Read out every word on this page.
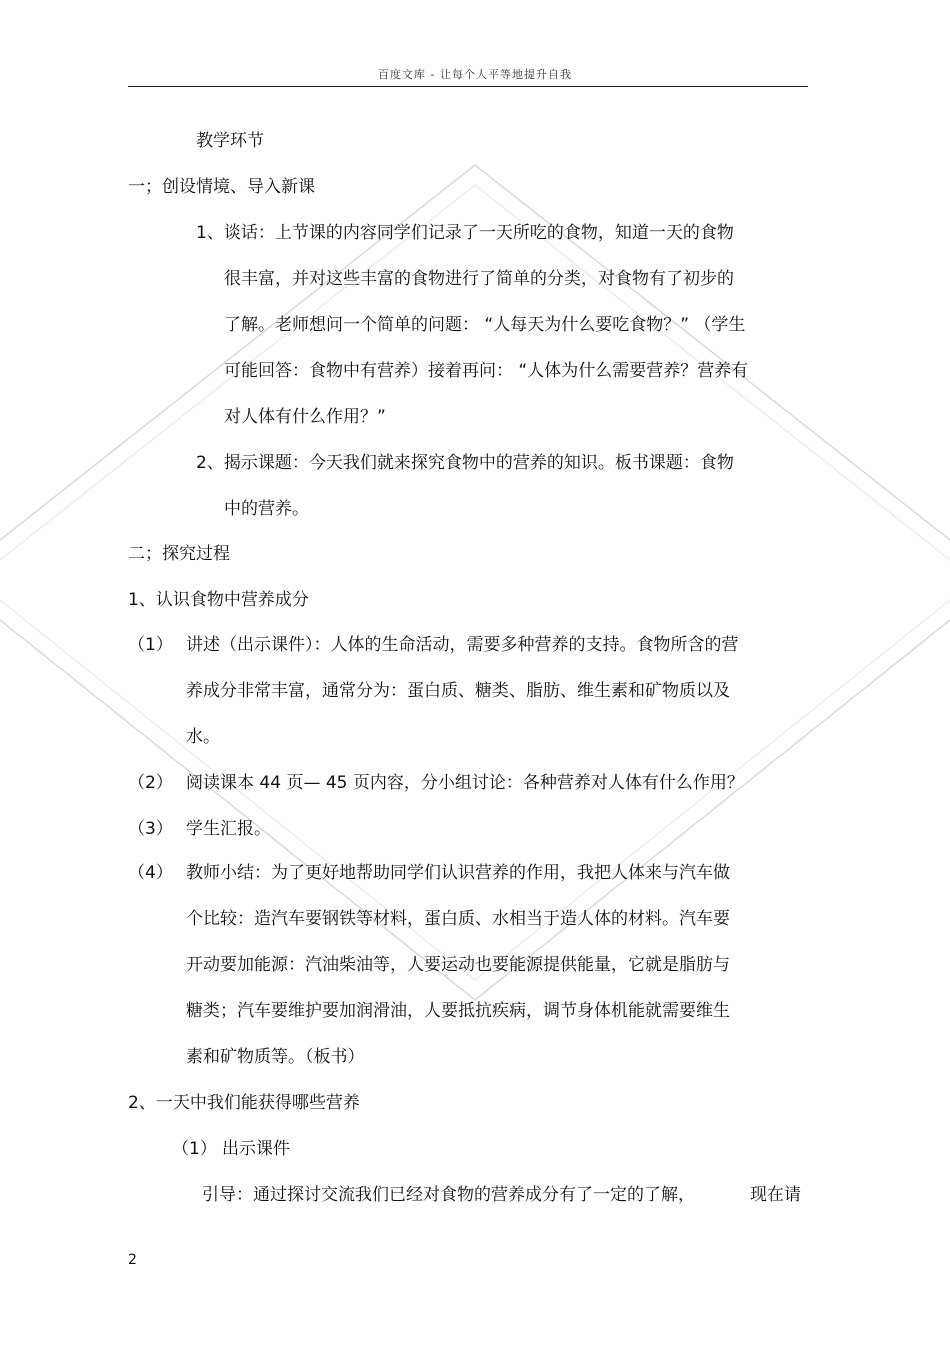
百度文库 - 让每个人平等地提升自我
教学环节
一；创设情境、导入新课
1、谈话：上节课的内容同学们记录了一天所吃的食物，知道一天的食物
很丰富，并对这些丰富的食物进行了简单的分类，对食物有了初步的
了解。老师想问一个简单的问题： “人每天为什么要吃食物？” （学生
可能回答：食物中有营养）接着再问： “人体为什么需要营养？营养有
对人体有什么作用？”
2、揭示课题：今天我们就来探究食物中的营养的知识。板书课题：食物
中的营养。
二；探究过程
1、认识食物中营养成分
（1） 讲述（出示课件）：人体的生命活动，需要多种营养的支持。食物所含的营
养成分非常丰富，通常分为：蛋白质、糖类、脂肪、维生素和矿物质以及
水。
（2） 阅读课本 44 页— 45 页内容，分小组讨论：各种营养对人体有什么作用？
（3） 学生汇报。
（4） 教师小结：为了更好地帮助同学们认识营养的作用，我把人体来与汽车做
个比较：造汽车要钢铁等材料，蛋白质、水相当于造人体的材料。汽车要
开动要加能源：汽油柴油等，人要运动也要能源提供能量，它就是脂肪与
糖类；汽车要维护要加润滑油，人要抵抗疾病，调节身体机能就需要维生
素和矿物质等。（板书）
2、一天中我们能获得哪些营养
（1） 出示课件
引导：通过探讨交流我们已经对食物的营养成分有了一定的了解，	现在请
2
